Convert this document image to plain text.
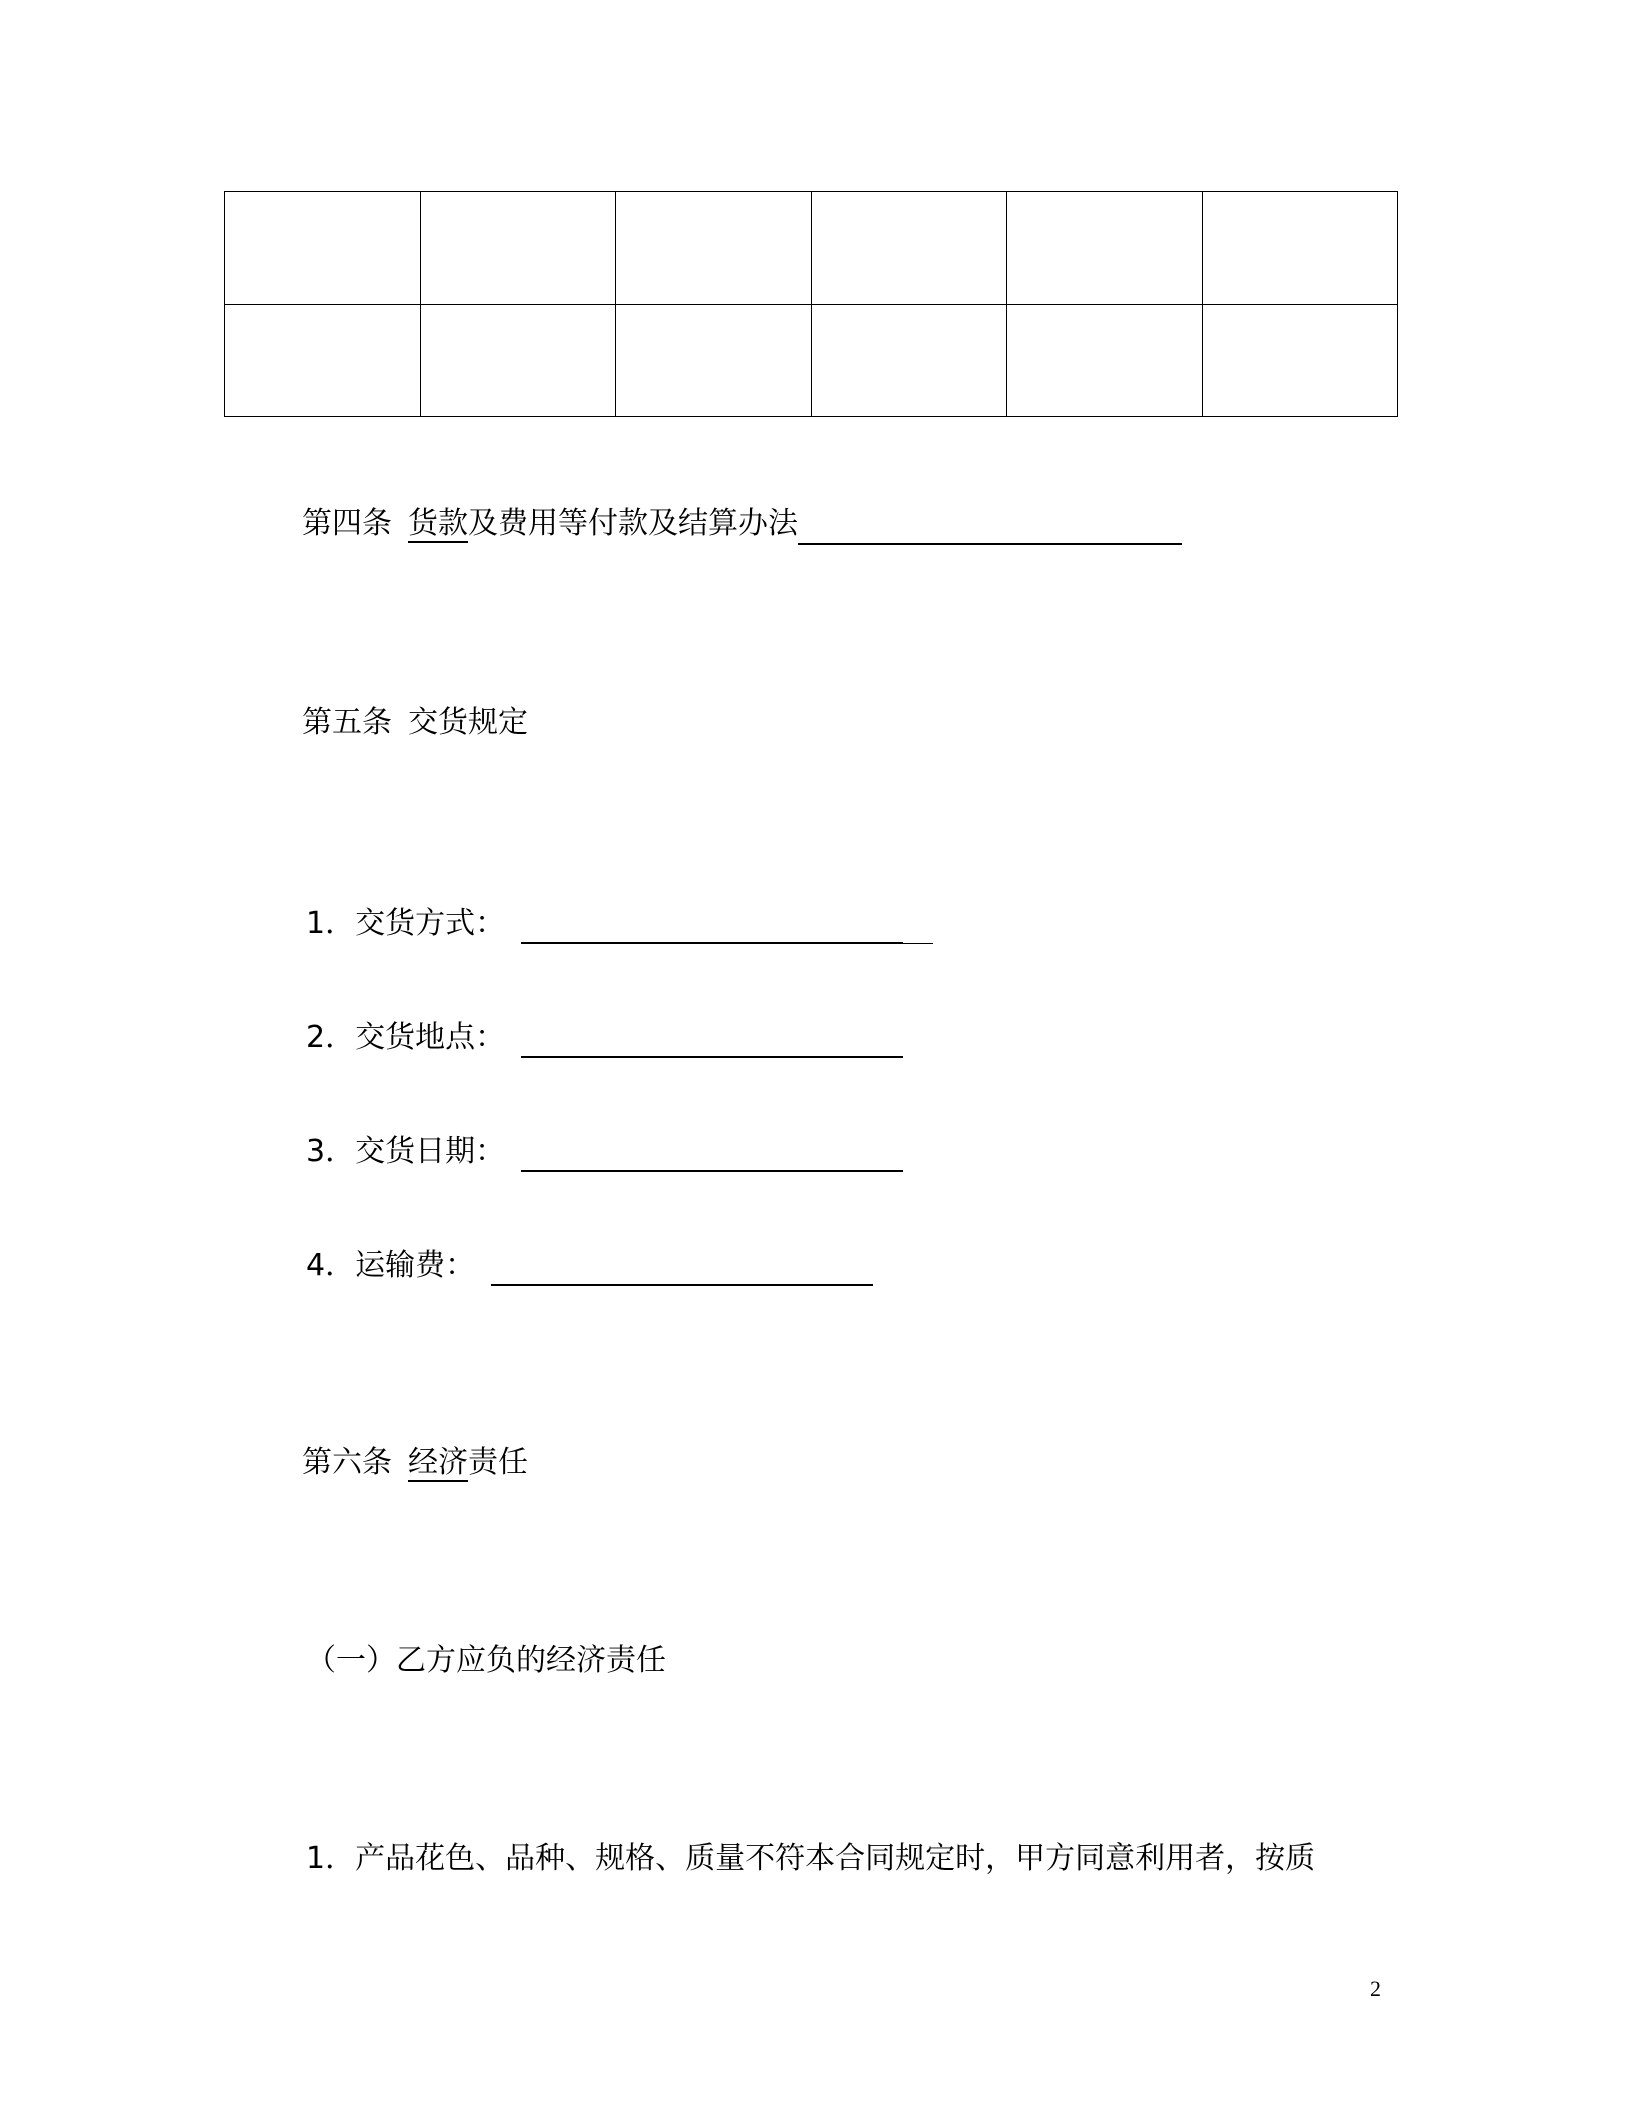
第四条 货款及费用等付款及结算办法
第五条 交货规定
1．交货方式：
2．交货地点：
3．交货日期：
4．运输费：
第六条 经济责任
（一）乙方应负的经济责任
1．产品花色、品种、规格、质量不符本合同规定时，甲方同意利用者，按质
2
